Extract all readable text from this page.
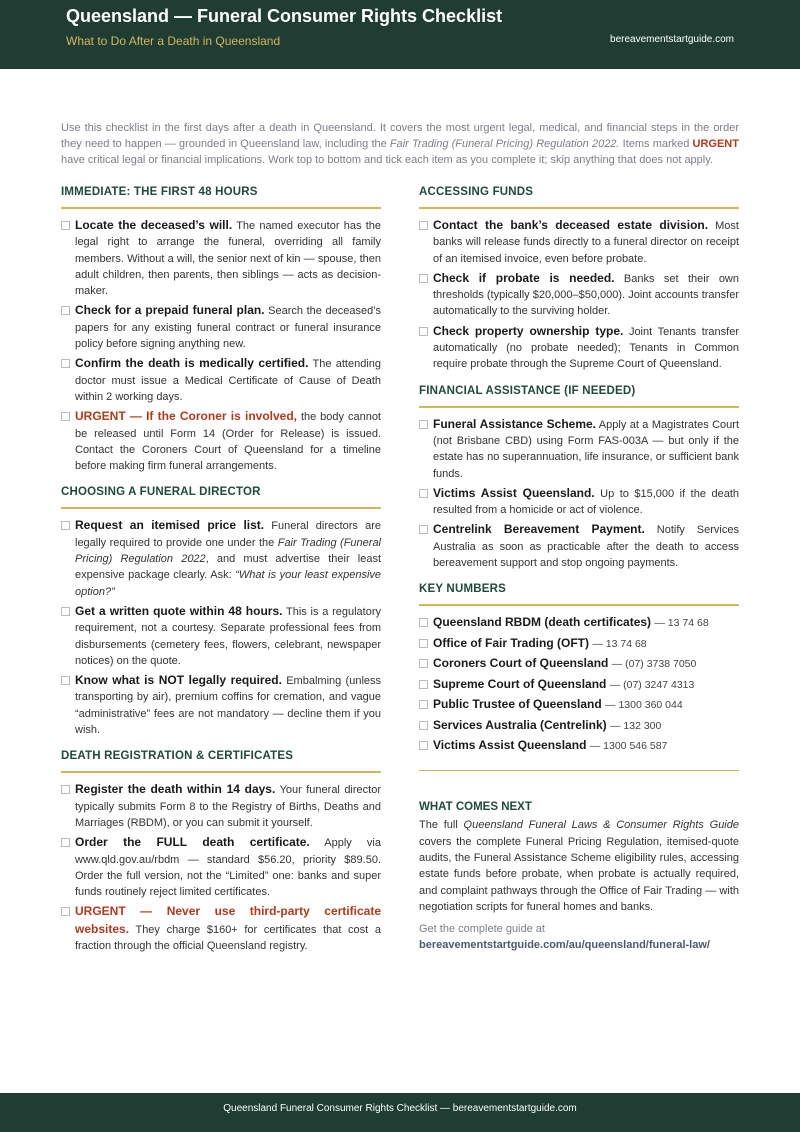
Queensland — Funeral Consumer Rights Checklist
What to Do After a Death in Queensland	bereavementstartguide.com
Use this checklist in the first days after a death in Queensland. It covers the most urgent legal, medical, and financial steps in the order they need to happen — grounded in Queensland law, including the Fair Trading (Funeral Pricing) Regulation 2022. Items marked URGENT have critical legal or financial implications. Work top to bottom and tick each item as you complete it; skip anything that does not apply.
IMMEDIATE: THE FIRST 48 HOURS
Locate the deceased’s will. The named executor has the legal right to arrange the funeral, overriding all family members. Without a will, the senior next of kin — spouse, then adult children, then parents, then siblings — acts as decision-maker.
Check for a prepaid funeral plan. Search the deceased’s papers for any existing funeral contract or funeral insurance policy before signing anything new.
Confirm the death is medically certified. The attending doctor must issue a Medical Certificate of Cause of Death within 2 working days.
URGENT — If the Coroner is involved, the body cannot be released until Form 14 (Order for Release) is issued. Contact the Coroners Court of Queensland for a timeline before making firm funeral arrangements.
CHOOSING A FUNERAL DIRECTOR
Request an itemised price list. Funeral directors are legally required to provide one under the Fair Trading (Funeral Pricing) Regulation 2022, and must advertise their least expensive package clearly. Ask: “What is your least expensive option?”
Get a written quote within 48 hours. This is a regulatory requirement, not a courtesy. Separate professional fees from disbursements (cemetery fees, flowers, celebrant, newspaper notices) on the quote.
Know what is NOT legally required. Embalming (unless transporting by air), premium coffins for cremation, and vague “administrative” fees are not mandatory — decline them if you wish.
DEATH REGISTRATION & CERTIFICATES
Register the death within 14 days. Your funeral director typically submits Form 8 to the Registry of Births, Deaths and Marriages (RBDM), or you can submit it yourself.
Order the FULL death certificate. Apply via www.qld.gov.au/rbdm — standard $56.20, priority $89.50. Order the full version, not the “Limited” one: banks and super funds routinely reject limited certificates.
URGENT — Never use third-party certificate websites. They charge $160+ for certificates that cost a fraction through the official Queensland registry.
ACCESSING FUNDS
Contact the bank’s deceased estate division. Most banks will release funds directly to a funeral director on receipt of an itemised invoice, even before probate.
Check if probate is needed. Banks set their own thresholds (typically $20,000–$50,000). Joint accounts transfer automatically to the surviving holder.
Check property ownership type. Joint Tenants transfer automatically (no probate needed); Tenants in Common require probate through the Supreme Court of Queensland.
FINANCIAL ASSISTANCE (IF NEEDED)
Funeral Assistance Scheme. Apply at a Magistrates Court (not Brisbane CBD) using Form FAS-003A — but only if the estate has no superannuation, life insurance, or sufficient bank funds.
Victims Assist Queensland. Up to $15,000 if the death resulted from a homicide or act of violence.
Centrelink Bereavement Payment. Notify Services Australia as soon as practicable after the death to access bereavement support and stop ongoing payments.
KEY NUMBERS
Queensland RBDM (death certificates) — 13 74 68
Office of Fair Trading (OFT) — 13 74 68
Coroners Court of Queensland — (07) 3738 7050
Supreme Court of Queensland — (07) 3247 4313
Public Trustee of Queensland — 1300 360 044
Services Australia (Centrelink) — 132 300
Victims Assist Queensland — 1300 546 587
WHAT COMES NEXT
The full Queensland Funeral Laws & Consumer Rights Guide covers the complete Funeral Pricing Regulation, itemised-quote audits, the Funeral Assistance Scheme eligibility rules, accessing estate funds before probate, when probate is actually required, and complaint pathways through the Office of Fair Trading — with negotiation scripts for funeral homes and banks.
Get the complete guide at
bereavementstartguide.com/au/queensland/funeral-law/
Queensland Funeral Consumer Rights Checklist — bereavementstartguide.com
